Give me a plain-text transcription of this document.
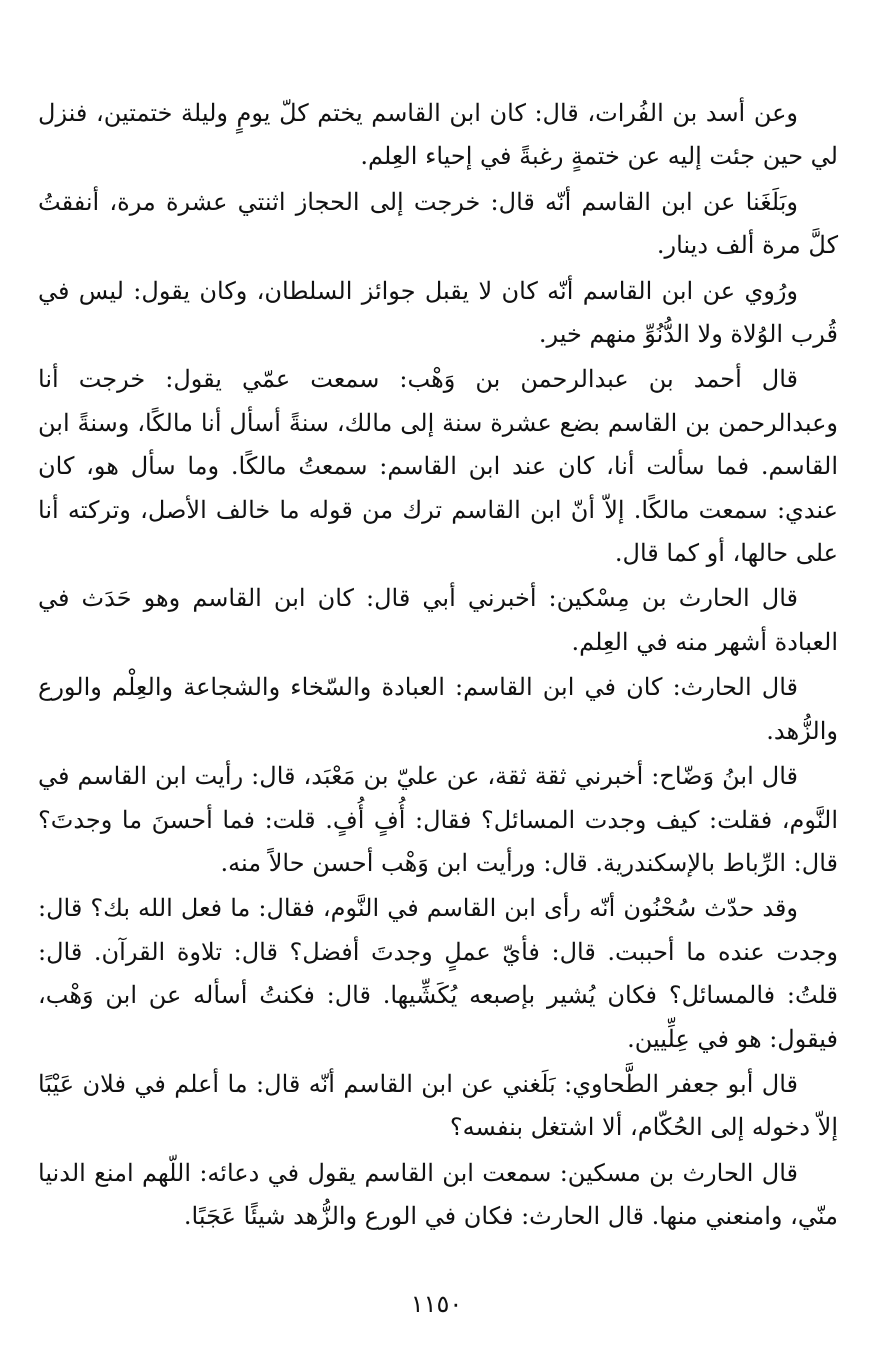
وعن أسد بن الفُرات، قال: كان ابن القاسم يختم كلّ يومٍ وليلة ختمتين، فنزل لي حين جئت إليه عن ختمةٍ رغبةً في إحياء العِلم.

وبَلَغَنا عن ابن القاسم أنّه قال: خرجت إلى الحجاز اثنتي عشرة مرة، أنفقتُ كلَّ مرة ألف دينار.

ورُوي عن ابن القاسم أنّه كان لا يقبل جوائز السلطان، وكان يقول: ليس في قُرب الوُلاة ولا الدُّنُوِّ منهم خير.

قال أحمد بن عبدالرحمن بن وَهْب: سمعت عمّي يقول: خرجت أنا وعبدالرحمن بن القاسم بضع عشرة سنة إلى مالك، سنةً أسأل أنا مالكًا، وسنةً ابن القاسم. فما سألت أنا، كان عند ابن القاسم: سمعتُ مالكًا. وما سأل هو، كان عندي: سمعت مالكًا. إلاّ أنّ ابن القاسم ترك من قوله ما خالف الأصل، وتركته أنا على حالها، أو كما قال.

قال الحارث بن مِسْكين: أخبرني أبي قال: كان ابن القاسم وهو حَدَث في العبادة أشهر منه في العِلم.

قال الحارث: كان في ابن القاسم: العبادة والسّخاء والشجاعة والعِلْم والورع والزُّهد.

قال ابنُ وَضّاح: أخبرني ثقة ثقة، عن عليّ بن مَعْبَد، قال: رأيت ابن القاسم في النَّوم، فقلت: كيف وجدت المسائل؟ فقال: أُفٍ أُفٍ. قلت: فما أحسنَ ما وجدتَ؟ قال: الرِّباط بالإسكندرية. قال: ورأيت ابن وَهْب أحسن حالاً منه.

وقد حدّث سُحْنُون أنّه رأى ابن القاسم في النَّوم، فقال: ما فعل الله بك؟ قال: وجدت عنده ما أحببت. قال: فأيّ عملٍ وجدتَ أفضل؟ قال: تلاوة القرآن. قال: قلتُ: فالمسائل؟ فكان يُشير بإصبعه يُكَشِّيها. قال: فكنتُ أسأله عن ابن وَهْب، فيقول: هو في عِلِّيين.

قال أبو جعفر الطَّحاوي: بَلَغني عن ابن القاسم أنّه قال: ما أعلم في فلان عَيْبًا إلاّ دخوله إلى الحُكّام، ألا اشتغل بنفسه؟

قال الحارث بن مسكين: سمعت ابن القاسم يقول في دعائه: اللّهم امنع الدنيا منّي، وامنعني منها. قال الحارث: فكان في الورع والزُّهد شيئًا عَجَبًا.

١١٥٠
